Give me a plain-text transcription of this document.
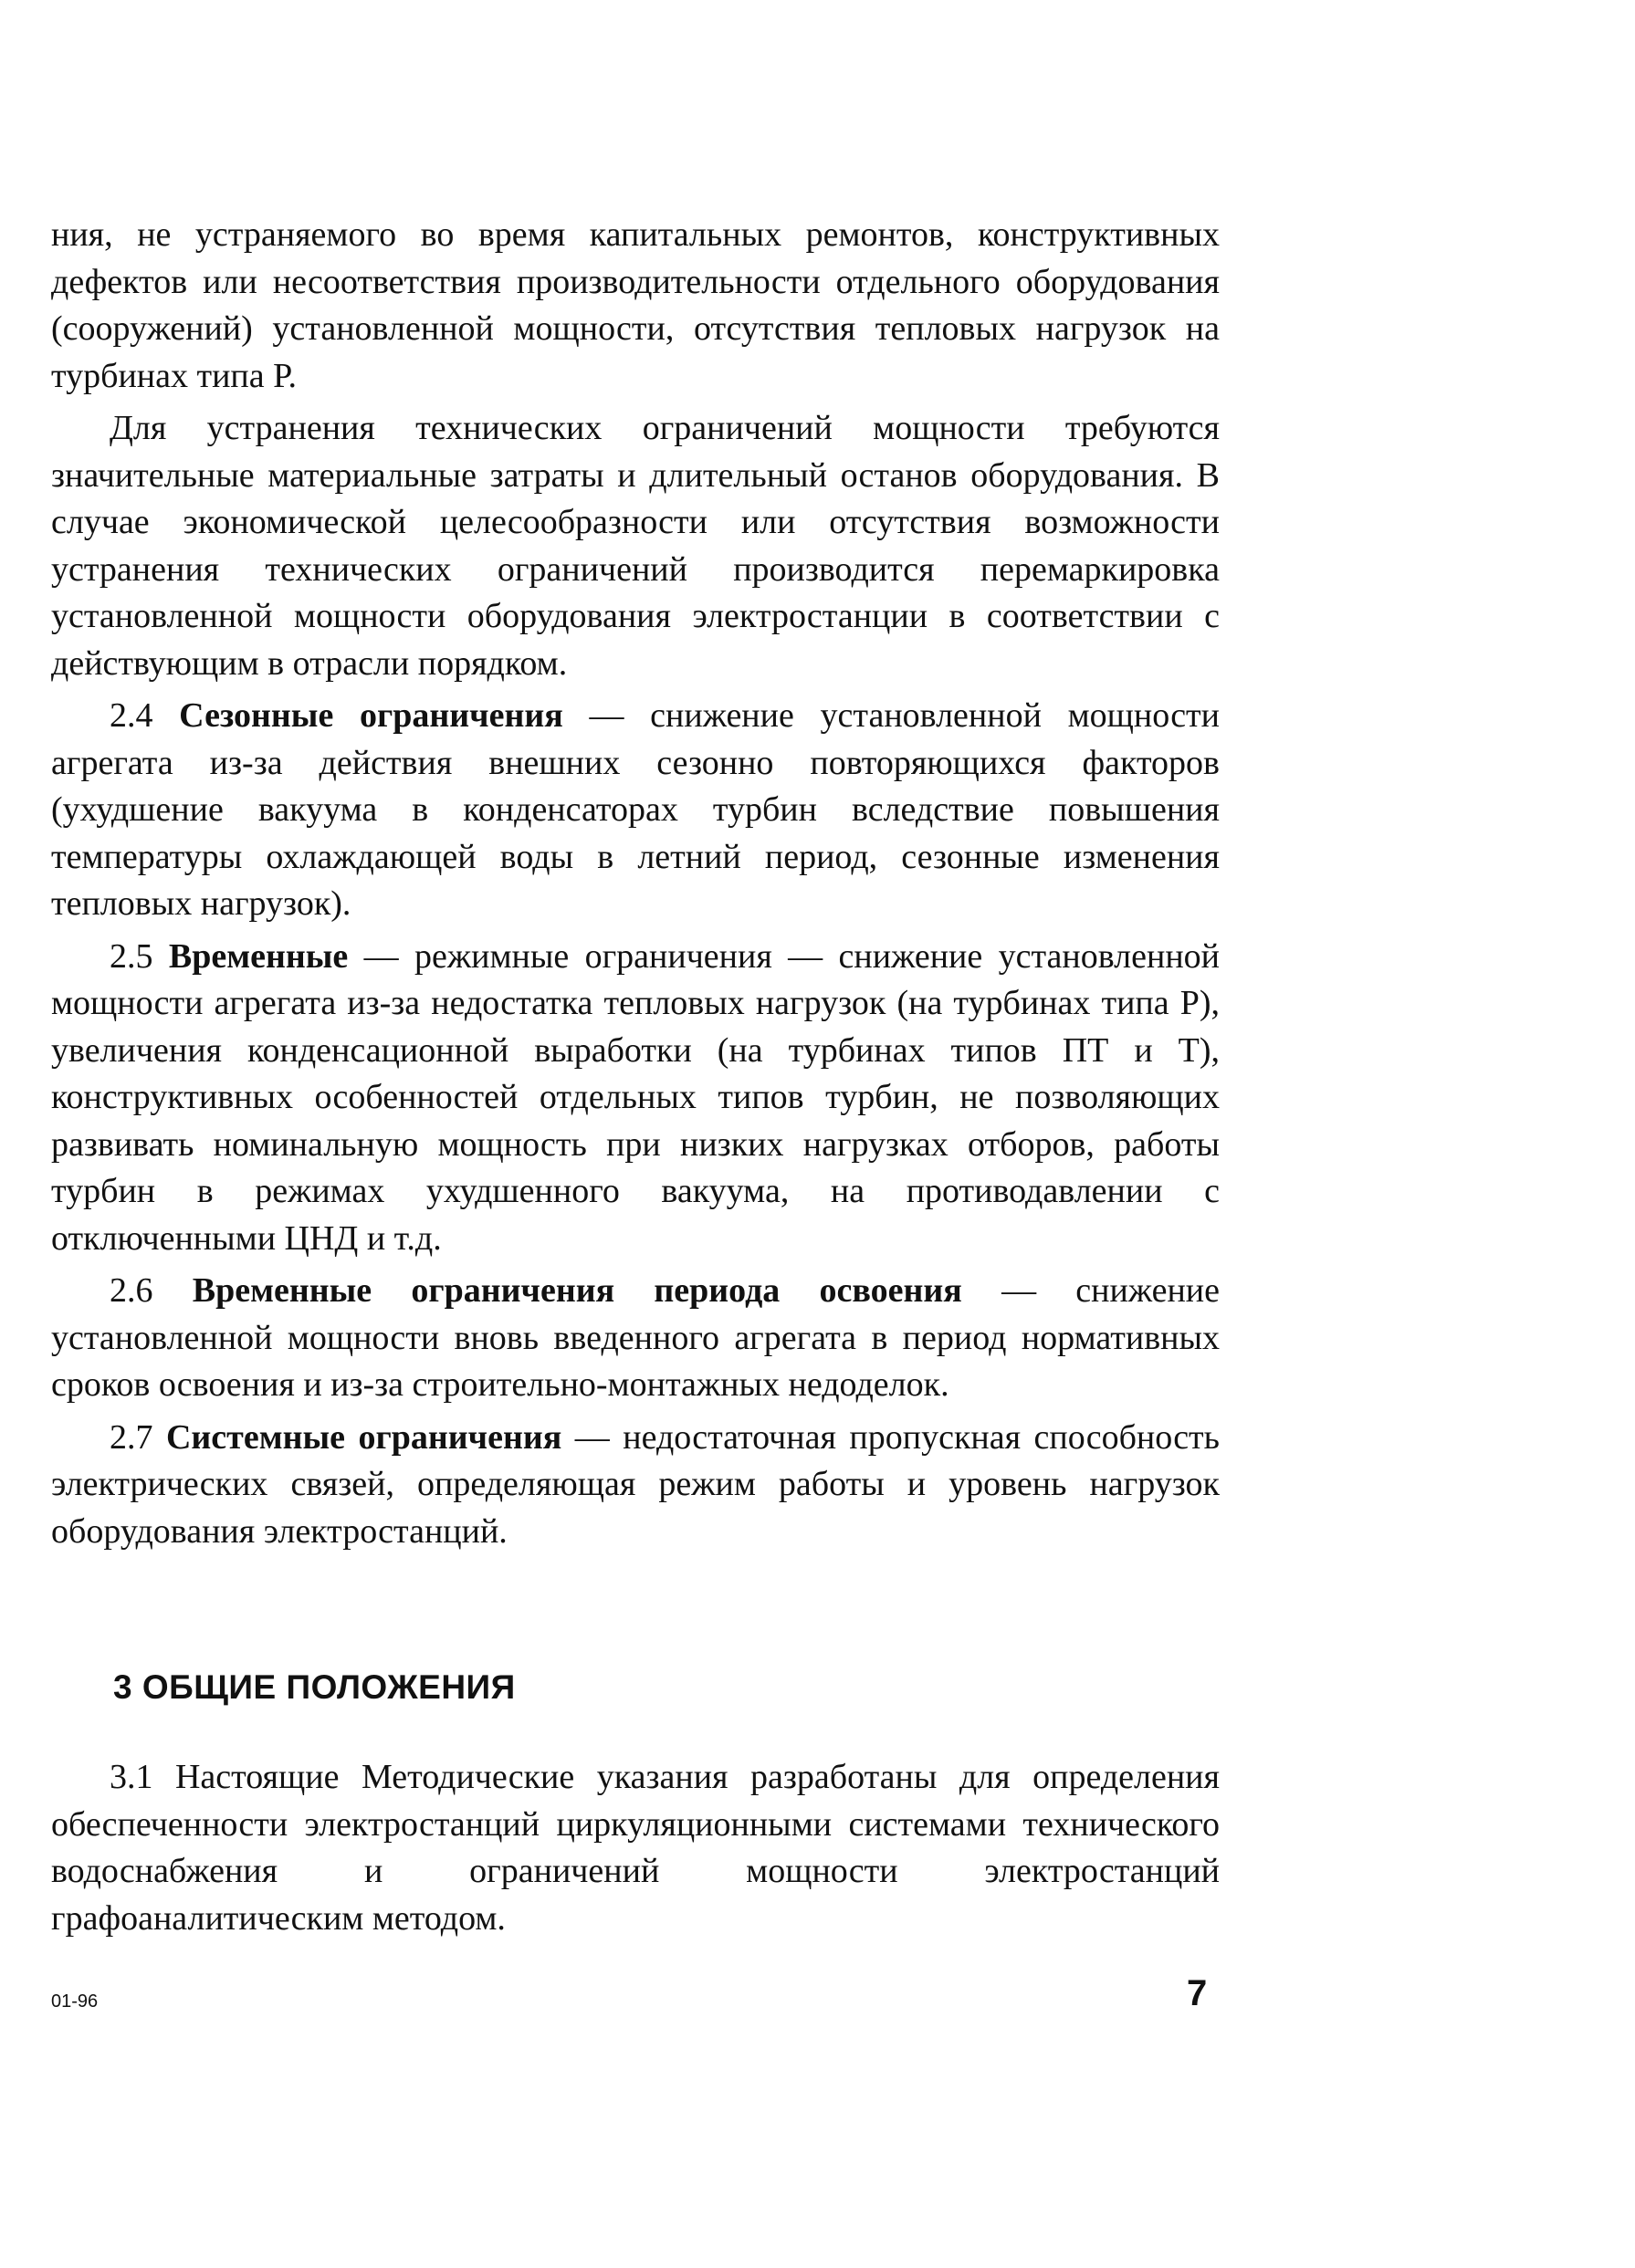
ния, не устраняемого во время капитальных ремонтов, конструктивных дефектов или несоответствия производительности отдельного оборудования (сооружений) установленной мощности, отсутствия тепловых нагрузок на турбинах типа Р.

Для устранения технических ограничений мощности требуются значительные материальные затраты и длительный останов оборудования. В случае экономической целесообразности или отсутствия возможности устранения технических ограничений производится перемаркировка установленной мощности оборудования электростанции в соответствии с действующим в отрасли порядком.

2.4 Сезонные ограничения — снижение установленной мощности агрегата из-за действия внешних сезонно повторяющихся факторов (ухудшение вакуума в конденсаторах турбин вследствие повышения температуры охлаждающей воды в летний период, сезонные изменения тепловых нагрузок).

2.5 Временные — режимные ограничения — снижение установленной мощности агрегата из-за недостатка тепловых нагрузок (на турбинах типа Р), увеличения конденсационной выработки (на турбинах типов ПТ и Т), конструктивных особенностей отдельных типов турбин, не позволяющих развивать номинальную мощность при низких нагрузках отборов, работы турбин в режимах ухудшенного вакуума, на противодавлении с отключенными ЦНД и т.д.

2.6 Временные ограничения периода освоения — снижение установленной мощности вновь введенного агрегата в период нормативных сроков освоения и из-за строительно-монтажных недоделок.

2.7 Системные ограничения — недостаточная пропускная способность электрических связей, определяющая режим работы и уровень нагрузок оборудования электростанций.

3 ОБЩИЕ ПОЛОЖЕНИЯ

3.1 Настоящие Методические указания разработаны для определения обеспеченности электростанций циркуляционными системами технического водоснабжения и ограничений мощности электростанций графоаналитическим методом.

01-96	7
